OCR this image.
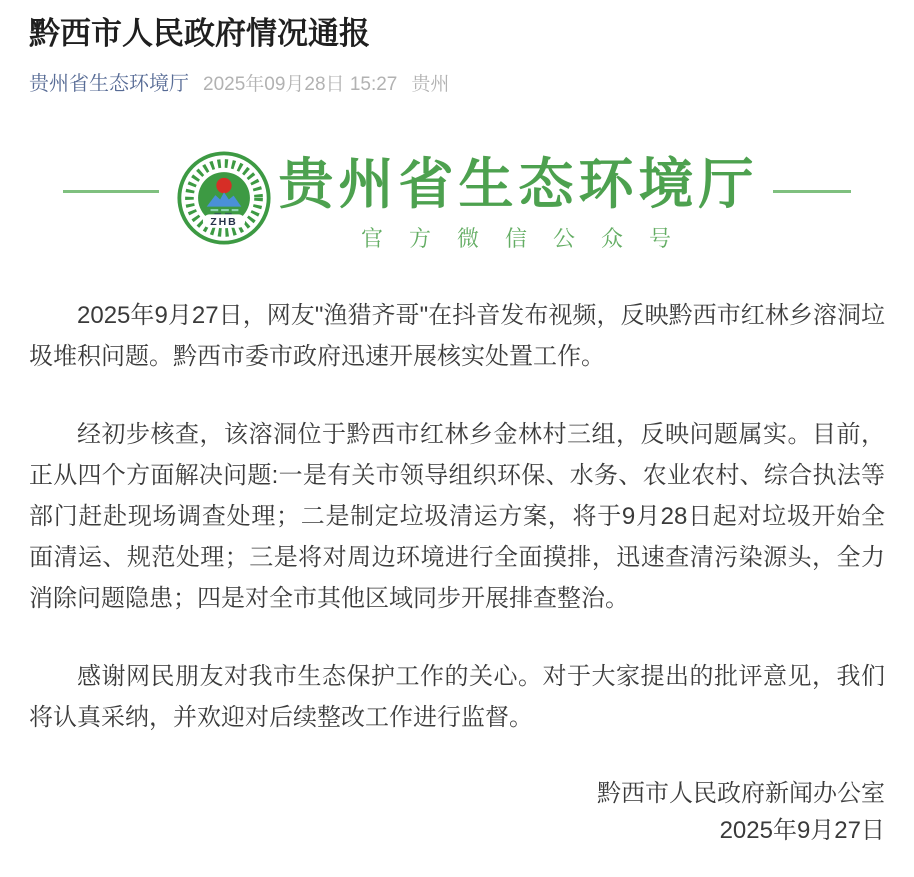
黔西市人民政府情况通报
贵州省生态环境厅 2025年09月28日 15:27 贵州
ZHB
贵州省生态环境厅
官方微信公众号

2025年9月27日，网友"渔猎齐哥"在抖音发布视频，反映黔西市红林乡溶洞垃圾堆积问题。黔西市委市政府迅速开展核实处置工作。

经初步核查，该溶洞位于黔西市红林乡金林村三组，反映问题属实。目前，正从四个方面解决问题:一是有关市领导组织环保、水务、农业农村、综合执法等部门赶赴现场调查处理；二是制定垃圾清运方案，将于9月28日起对垃圾开始全面清运、规范处理；三是将对周边环境进行全面摸排，迅速查清污染源头，全力消除问题隐患；四是对全市其他区域同步开展排查整治。

感谢网民朋友对我市生态保护工作的关心。对于大家提出的批评意见，我们将认真采纳，并欢迎对后续整改工作进行监督。

黔西市人民政府新闻办公室
2025年9月27日
